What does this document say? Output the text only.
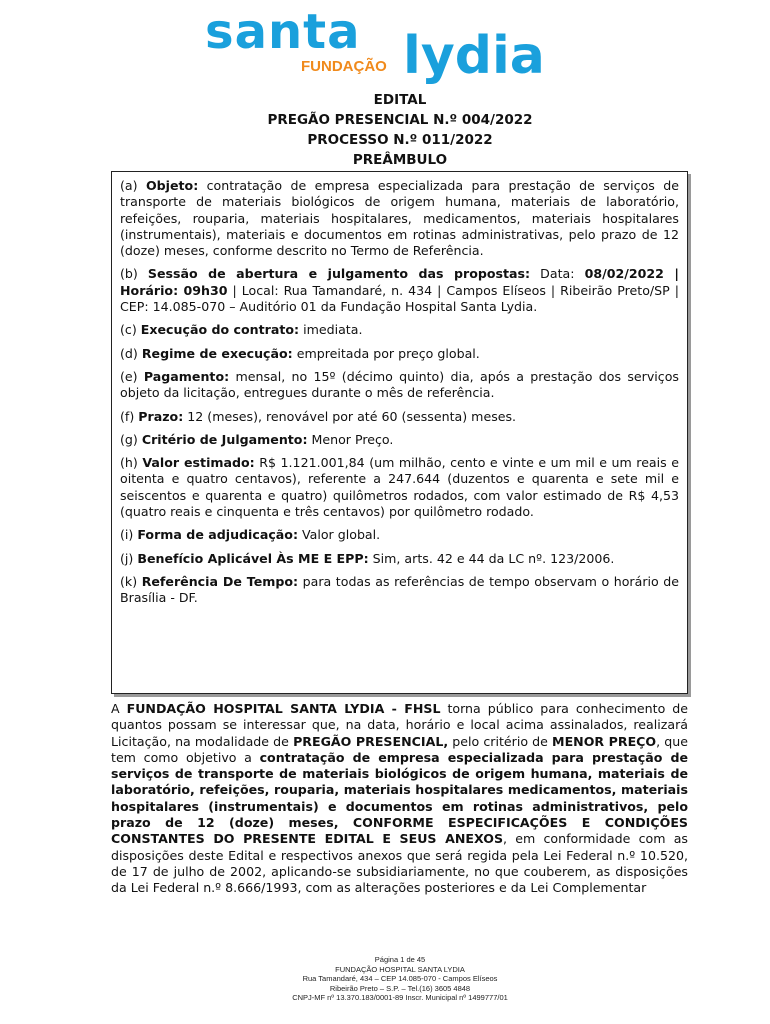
santa
FUNDAÇÃO lydia
EDITAL
PREGÃO PRESENCIAL N.º 004/2022
PROCESSO N.º 011/2022
PREÂMBULO
(a) Objeto: contratação de empresa especializada para prestação de serviços de transporte de materiais biológicos de origem humana, materiais de laboratório, refeições, rouparia, materiais hospitalares, medicamentos, materiais hospitalares (instrumentais), materiais e documentos em rotinas administrativas, pelo prazo de 12 (doze) meses, conforme descrito no Termo de Referência.
(b) Sessão de abertura e julgamento das propostas: Data: 08/02/2022 | Horário: 09h30 | Local: Rua Tamandaré, n. 434 | Campos Elíseos | Ribeirão Preto/SP | CEP: 14.085-070 – Auditório 01 da Fundação Hospital Santa Lydia.
(c) Execução do contrato: imediata.
(d) Regime de execução: empreitada por preço global.
(e) Pagamento: mensal, no 15º (décimo quinto) dia, após a prestação dos serviços objeto da licitação, entregues durante o mês de referência.
(f) Prazo: 12 (meses), renovável por até 60 (sessenta) meses.
(g) Critério de Julgamento: Menor Preço.
(h) Valor estimado: R$ 1.121.001,84 (um milhão, cento e vinte e um mil e um reais e oitenta e quatro centavos), referente a 247.644 (duzentos e quarenta e sete mil e seiscentos e quarenta e quatro) quilômetros rodados, com valor estimado de R$ 4,53 (quatro reais e cinquenta e três centavos) por quilômetro rodado.
(i) Forma de adjudicação: Valor global.
(j) Benefício Aplicável Às ME E EPP: Sim, arts. 42 e 44 da LC nº. 123/2006.
(k) Referência De Tempo: para todas as referências de tempo observam o horário de Brasília - DF.
A FUNDAÇÃO HOSPITAL SANTA LYDIA - FHSL torna público para conhecimento de quantos possam se interessar que, na data, horário e local acima assinalados, realizará Licitação, na modalidade de PREGÃO PRESENCIAL, pelo critério de MENOR PREÇO, que tem como objetivo a contratação de empresa especializada para prestação de serviços de transporte de materiais biológicos de origem humana, materiais de laboratório, refeições, rouparia, materiais hospitalares medicamentos, materiais hospitalares (instrumentais) e documentos em rotinas administrativos, pelo prazo de 12 (doze) meses, CONFORME ESPECIFICAÇÕES E CONDIÇÕES CONSTANTES DO PRESENTE EDITAL E SEUS ANEXOS, em conformidade com as disposições deste Edital e respectivos anexos que será regida pela Lei Federal n.º 10.520, de 17 de julho de 2002, aplicando-se subsidiariamente, no que couberem, as disposições da Lei Federal n.º 8.666/1993, com as alterações posteriores e da Lei Complementar
Página 1 de 45
FUNDAÇÃO HOSPITAL SANTA LYDIA
Rua Tamandaré, 434 – CEP 14.085-070 - Campos Elíseos
Ribeirão Preto – S.P. – Tel.(16) 3605 4848
CNPJ-MF nº 13.370.183/0001-89 Inscr. Municipal nº 1499777/01
